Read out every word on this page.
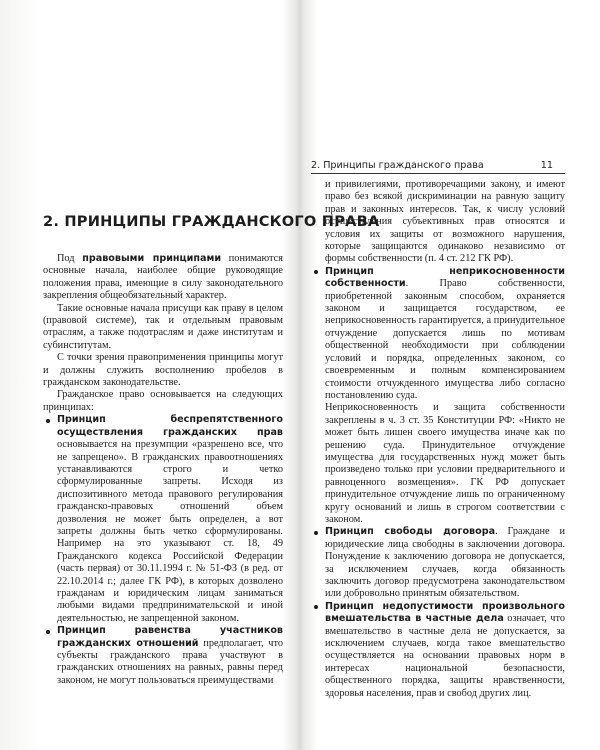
2. ПРИНЦИПЫ ГРАЖДАНСКОГО ПРАВА

Под правовыми принципами понимаются основные начала, наиболее общие руководящие положения права, имеющие в силу законодательного закрепления общеобязательный характер.

Такие основные начала присущи как праву в целом (правовой системе), так и отдельным правовым отраслям, а также подотраслям и даже институтам и субинститутам.

С точки зрения правоприменения принципы могут и должны служить восполнению пробелов в гражданском законодательстве.

Гражданское право основывается на следующих принципах:

Принцип беспрепятственного осуществления гражданских прав основывается на презумпции «разрешено все, что не запрещено». В гражданских правоотношениях устанавливаются строго и четко сформулированные запреты. Исходя из диспозитивного метода правового регулирования гражданско-правовых отношений объем дозволения не может быть определен, а вот запреты должны быть четко сформулированы. Например на это указывают ст. 18, 49 Гражданского кодекса Российской Федерации (часть первая) от 30.11.1994 г. № 51-ФЗ (в ред. от 22.10.2014 г.; далее ГК РФ), в которых дозволено гражданам и юридическим лицам заниматься любыми видами предпринимательской и иной деятельностью, не запрещенной законом.

Принцип равенства участников гражданских отношений предполагает, что субъекты гражданского права участвуют в гражданских отношениях на равных, равны перед законом, не могут пользоваться преимуществами

2. Принципы гражданского права	11

и привилегиями, противоречащими закону, и имеют право без всякой дискриминации на равную защиту прав и законных интересов. Так, к числу условий осуществления субъективных прав относятся и условия их защиты от возможного нарушения, которые защищаются одинаково независимо от формы собственности (п. 4 ст. 212 ГК РФ).

Принцип неприкосновенности собственности. Право собственности, приобретенной законным способом, охраняется законом и защищается государством, ее неприкосновенность гарантируется, а принудительное отчуждение допускается лишь по мотивам общественной необходимости при соблюдении условий и порядка, определенных законом, со своевременным и полным компенсированием стоимости отчужденного имущества либо согласно постановлению суда.

Неприкосновенность и защита собственности закреплены в ч. 3 ст. 35 Конституции РФ: «Никто не может быть лишен своего имущества иначе как по решению суда. Принудительное отчуждение имущества для государственных нужд может быть произведено только при условии предварительного и равноценного возмещения». ГК РФ допускает принудительное отчуждение лишь по ограниченному кругу оснований и лишь в строгом соответствии с законом.

Принцип свободы договора. Граждане и юридические лица свободны в заключении договора. Понуждение к заключению договора не допускается, за исключением случаев, когда обязанность заключить договор предусмотрена законодательством или добровольно принятым обязательством.

Принцип недопустимости произвольного вмешательства в частные дела означает, что вмешательство в частные дела не допускается, за исключением случаев, когда такое вмешательство осуществляется на основании правовых норм в интересах национальной безопасности, общественного порядка, защиты нравственности, здоровья населения, прав и свобод других лиц.
